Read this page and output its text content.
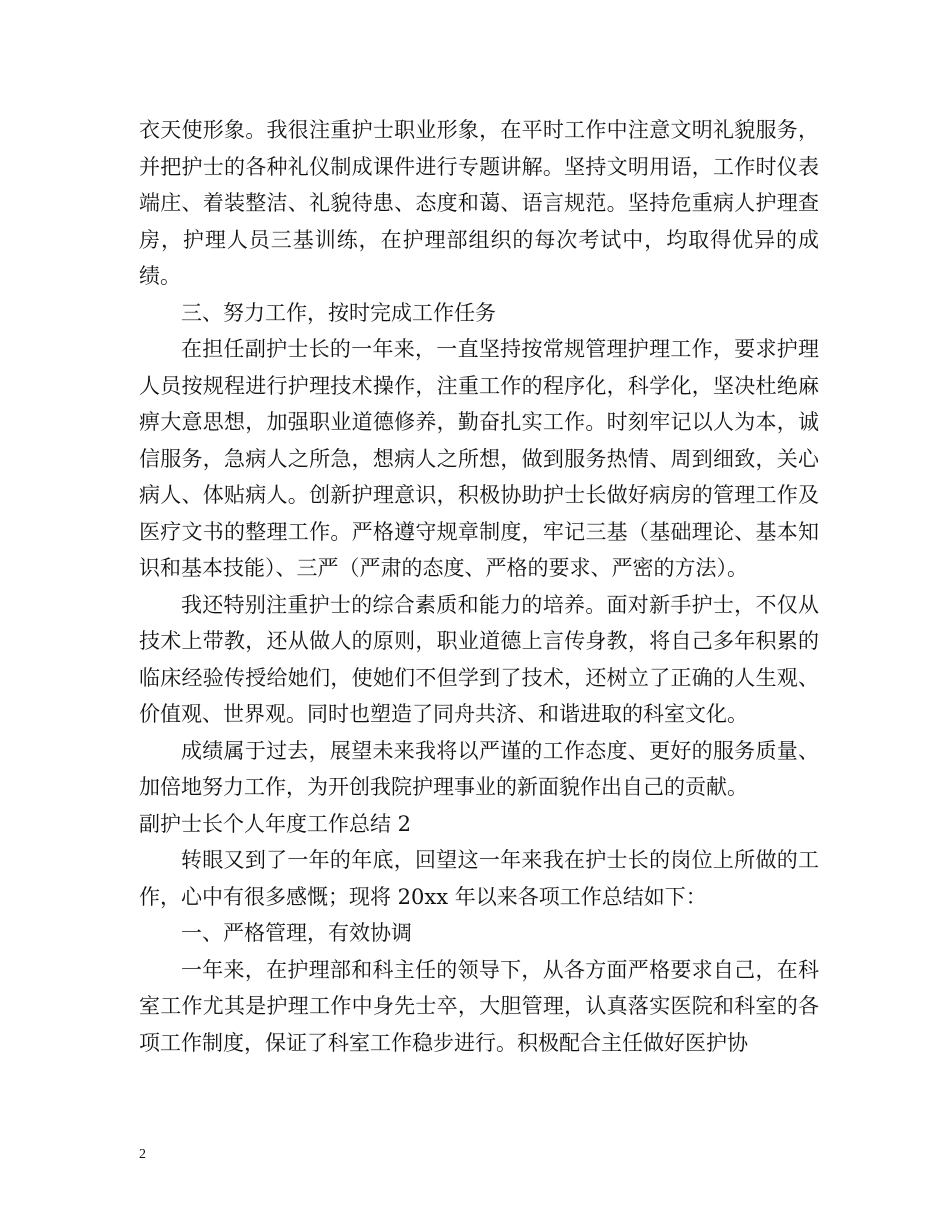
衣天使形象。我很注重护士职业形象，在平时工作中注意文明礼貌服务，并把护士的各种礼仪制成课件进行专题讲解。坚持文明用语，工作时仪表端庄、着装整洁、礼貌待患、态度和蔼、语言规范。坚持危重病人护理查房，护理人员三基训练，在护理部组织的每次考试中，均取得优异的成绩。

三、努力工作，按时完成工作任务

在担任副护士长的一年来，一直坚持按常规管理护理工作，要求护理人员按规程进行护理技术操作，注重工作的程序化，科学化，坚决杜绝麻痹大意思想，加强职业道德修养，勤奋扎实工作。时刻牢记以人为本，诚信服务，急病人之所急，想病人之所想，做到服务热情、周到细致，关心病人、体贴病人。创新护理意识，积极协助护士长做好病房的管理工作及医疗文书的整理工作。严格遵守规章制度，牢记三基（基础理论、基本知识和基本技能）、三严（严肃的态度、严格的要求、严密的方法）。

我还特别注重护士的综合素质和能力的培养。面对新手护士，不仅从技术上带教，还从做人的原则，职业道德上言传身教，将自己多年积累的临床经验传授给她们，使她们不但学到了技术，还树立了正确的人生观、价值观、世界观。同时也塑造了同舟共济、和谐进取的科室文化。

成绩属于过去，展望未来我将以严谨的工作态度、更好的服务质量、加倍地努力工作，为开创我院护理事业的新面貌作出自己的贡献。

副护士长个人年度工作总结 2

转眼又到了一年的年底，回望这一年来我在护士长的岗位上所做的工作，心中有很多感慨；现将 20xx 年以来各项工作总结如下：

一、严格管理，有效协调

一年来，在护理部和科主任的领导下，从各方面严格要求自己，在科室工作尤其是护理工作中身先士卒，大胆管理，认真落实医院和科室的各项工作制度，保证了科室工作稳步进行。积极配合主任做好医护协

2
